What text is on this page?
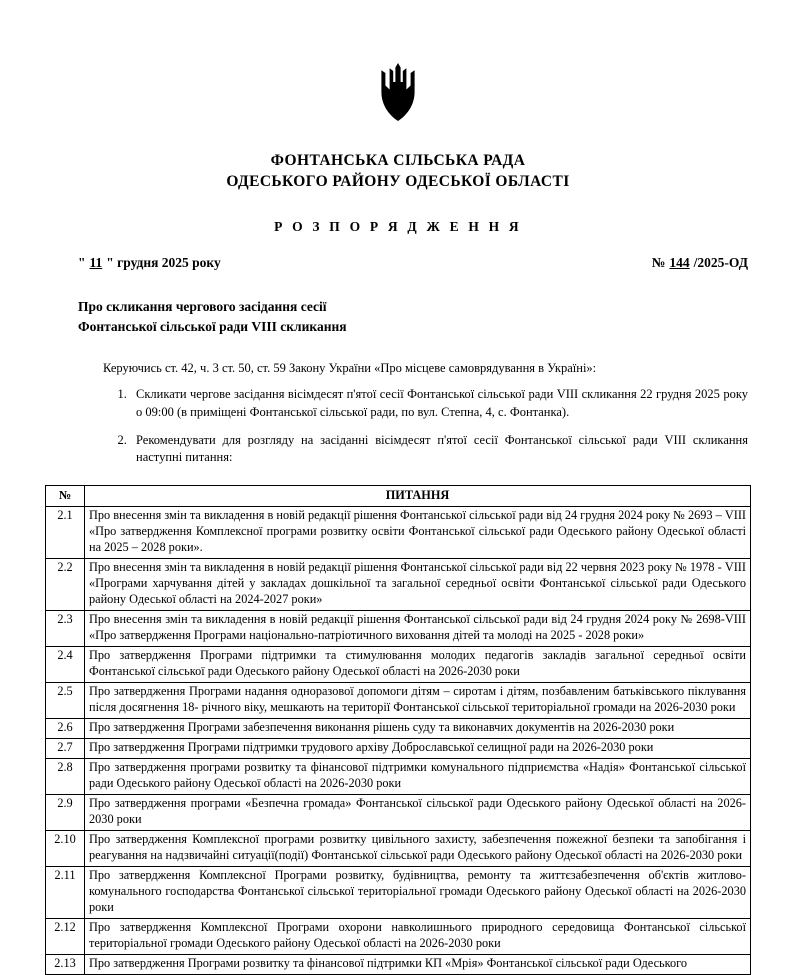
ФОНТАНСЬКА СІЛЬСЬКА РАДА
ОДЕСЬКОГО РАЙОНУ ОДЕСЬКОЇ ОБЛАСТІ
Р О З П О Р Я Д Ж Е Н Н Я
" 11 " грудня 2025 року	№ 144 /2025-ОД
Про скликання чергового засідання сесії
Фонтанської сільської ради VIII скликання
Керуючись ст. 42, ч. 3 ст. 50, ст. 59 Закону України «Про місцеве самоврядування в Україні»:
1. Скликати чергове засідання вісімдесят п'ятої сесії Фонтанської сільської ради VIII скликання 22 грудня 2025 року о 09:00 (в приміщені Фонтанської сільської ради, по вул. Степна, 4, с. Фонтанка).
2. Рекомендувати для розгляду на засіданні вісімдесят п'ятої сесії Фонтанської сільської ради VIII скликання наступні питання:
№	ПИТАННЯ
2.1	Про внесення змін та викладення в новій редакції рішення Фонтанської сільської ради від 24 грудня 2024 року № 2693 – VIII «Про затвердження Комплексної програми розвитку освіти Фонтанської сільської ради Одеського району Одеської області на 2025 – 2028 роки».
2.2	Про внесення змін та викладення в новій редакції рішення Фонтанської сільської ради від 22 червня 2023 року № 1978 - VIII «Програми харчування дітей у закладах дошкільної та загальної середньої освіти Фонтанської сільської ради Одеського району Одеської області на 2024-2027 роки»
2.3	Про внесення змін та викладення в новій редакції рішення Фонтанської сільської ради від 24 грудня 2024 року № 2698-VIII «Про затвердження Програми національно-патріотичного виховання дітей та молоді на 2025 - 2028 роки»
2.4	Про затвердження Програми підтримки та стимулювання молодих педагогів закладів загальної середньої освіти Фонтанської сільської ради Одеського району Одеської області на 2026-2030 роки
2.5	Про затвердження Програми надання одноразової допомоги дітям – сиротам і дітям, позбавленим батьківського піклування після досягнення 18- річного віку, мешкають на території Фонтанської сільської територіальної громади на 2026-2030 роки
2.6	Про затвердження Програми забезпечення виконання рішень суду та виконавчих документів на 2026-2030 роки
2.7	Про затвердження Програми підтримки трудового архіву Доброславської селищної ради на 2026-2030 роки
2.8	Про затвердження програми розвитку та фінансової підтримки комунального підприємства «Надія» Фонтанської сільської ради Одеського району Одеської області на 2026-2030 роки
2.9	Про затвердження програми «Безпечна громада» Фонтанської сільської ради Одеського району Одеської області на 2026-2030 роки
2.10	Про затвердження Комплексної програми розвитку цивільного захисту, забезпечення пожежної безпеки та запобігання і реагування на надзвичайні ситуації(події) Фонтанської сільської ради Одеського району Одеської області на 2026-2030 роки
2.11	Про затвердження Комплексної Програми розвитку, будівництва, ремонту та життєзабезпечення об'єктів житлово-комунального господарства Фонтанської сільської територіальної громади Одеського району Одеської області на 2026-2030 роки
2.12	Про затвердження Комплексної Програми охорони навколишнього природного середовища Фонтанської сільської територіальної громади Одеського району Одеської області на 2026-2030 роки
2.13	Про затвердження Програми розвитку та фінансової підтримки КП «Мрія» Фонтанської сільської ради Одеського
